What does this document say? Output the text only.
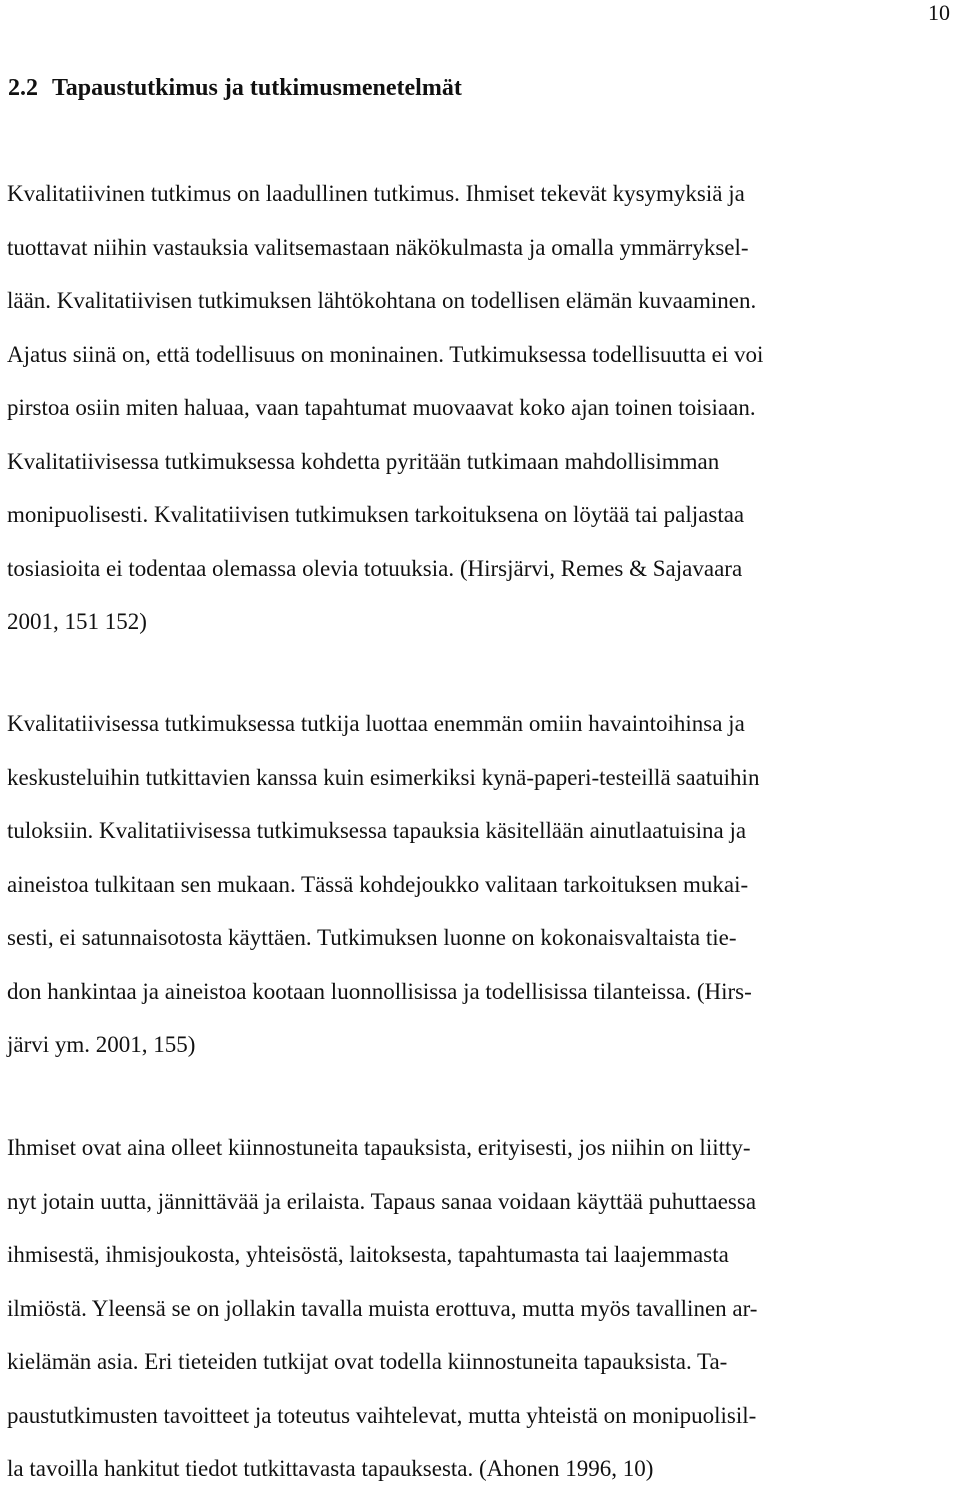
10
2.2 Tapaustutkimus ja tutkimusmenetelmät
Kvalitatiivinen tutkimus on laadullinen tutkimus. Ihmiset tekevät kysymyksiä ja
tuottavat niihin vastauksia valitsemastaan näkökulmasta ja omalla ymmärryksel-
lään. Kvalitatiivisen tutkimuksen lähtökohtana on todellisen elämän kuvaaminen.
Ajatus siinä on, että todellisuus on moninainen. Tutkimuksessa todellisuutta ei voi
pirstoa osiin miten haluaa, vaan tapahtumat muovaavat koko ajan toinen toisiaan.
Kvalitatiivisessa tutkimuksessa kohdetta pyritään tutkimaan mahdollisimman
monipuolisesti. Kvalitatiivisen tutkimuksen tarkoituksena on löytää tai paljastaa
tosiasioita ei todentaa olemassa olevia totuuksia. (Hirsjärvi, Remes & Sajavaara
2001, 151 152)
Kvalitatiivisessa tutkimuksessa tutkija luottaa enemmän omiin havaintoihinsa ja
keskusteluihin tutkittavien kanssa kuin esimerkiksi kynä-paperi-testeillä saatuihin
tuloksiin. Kvalitatiivisessa tutkimuksessa tapauksia käsitellään ainutlaatuisina ja
aineistoa tulkitaan sen mukaan. Tässä kohdejoukko valitaan tarkoituksen mukai-
sesti, ei satunnaisotosta käyttäen. Tutkimuksen luonne on kokonaisvaltaista tie-
don hankintaa ja aineistoa kootaan luonnollisissa ja todellisissa tilanteissa. (Hirs-
järvi ym. 2001, 155)
Ihmiset ovat aina olleet kiinnostuneita tapauksista, erityisesti, jos niihin on liitty-
nyt jotain uutta, jännittävää ja erilaista. Tapaus sanaa voidaan käyttää puhuttaessa
ihmisestä, ihmisjoukosta, yhteisöstä, laitoksesta, tapahtumasta tai laajemmasta
ilmiöstä. Yleensä se on jollakin tavalla muista erottuva, mutta myös tavallinen ar-
kielämän asia. Eri tieteiden tutkijat ovat todella kiinnostuneita tapauksista. Ta-
paustutkimusten tavoitteet ja toteutus vaihtelevat, mutta yhteistä on monipuolisil-
la tavoilla hankitut tiedot tutkittavasta tapauksesta. (Ahonen 1996, 10)
